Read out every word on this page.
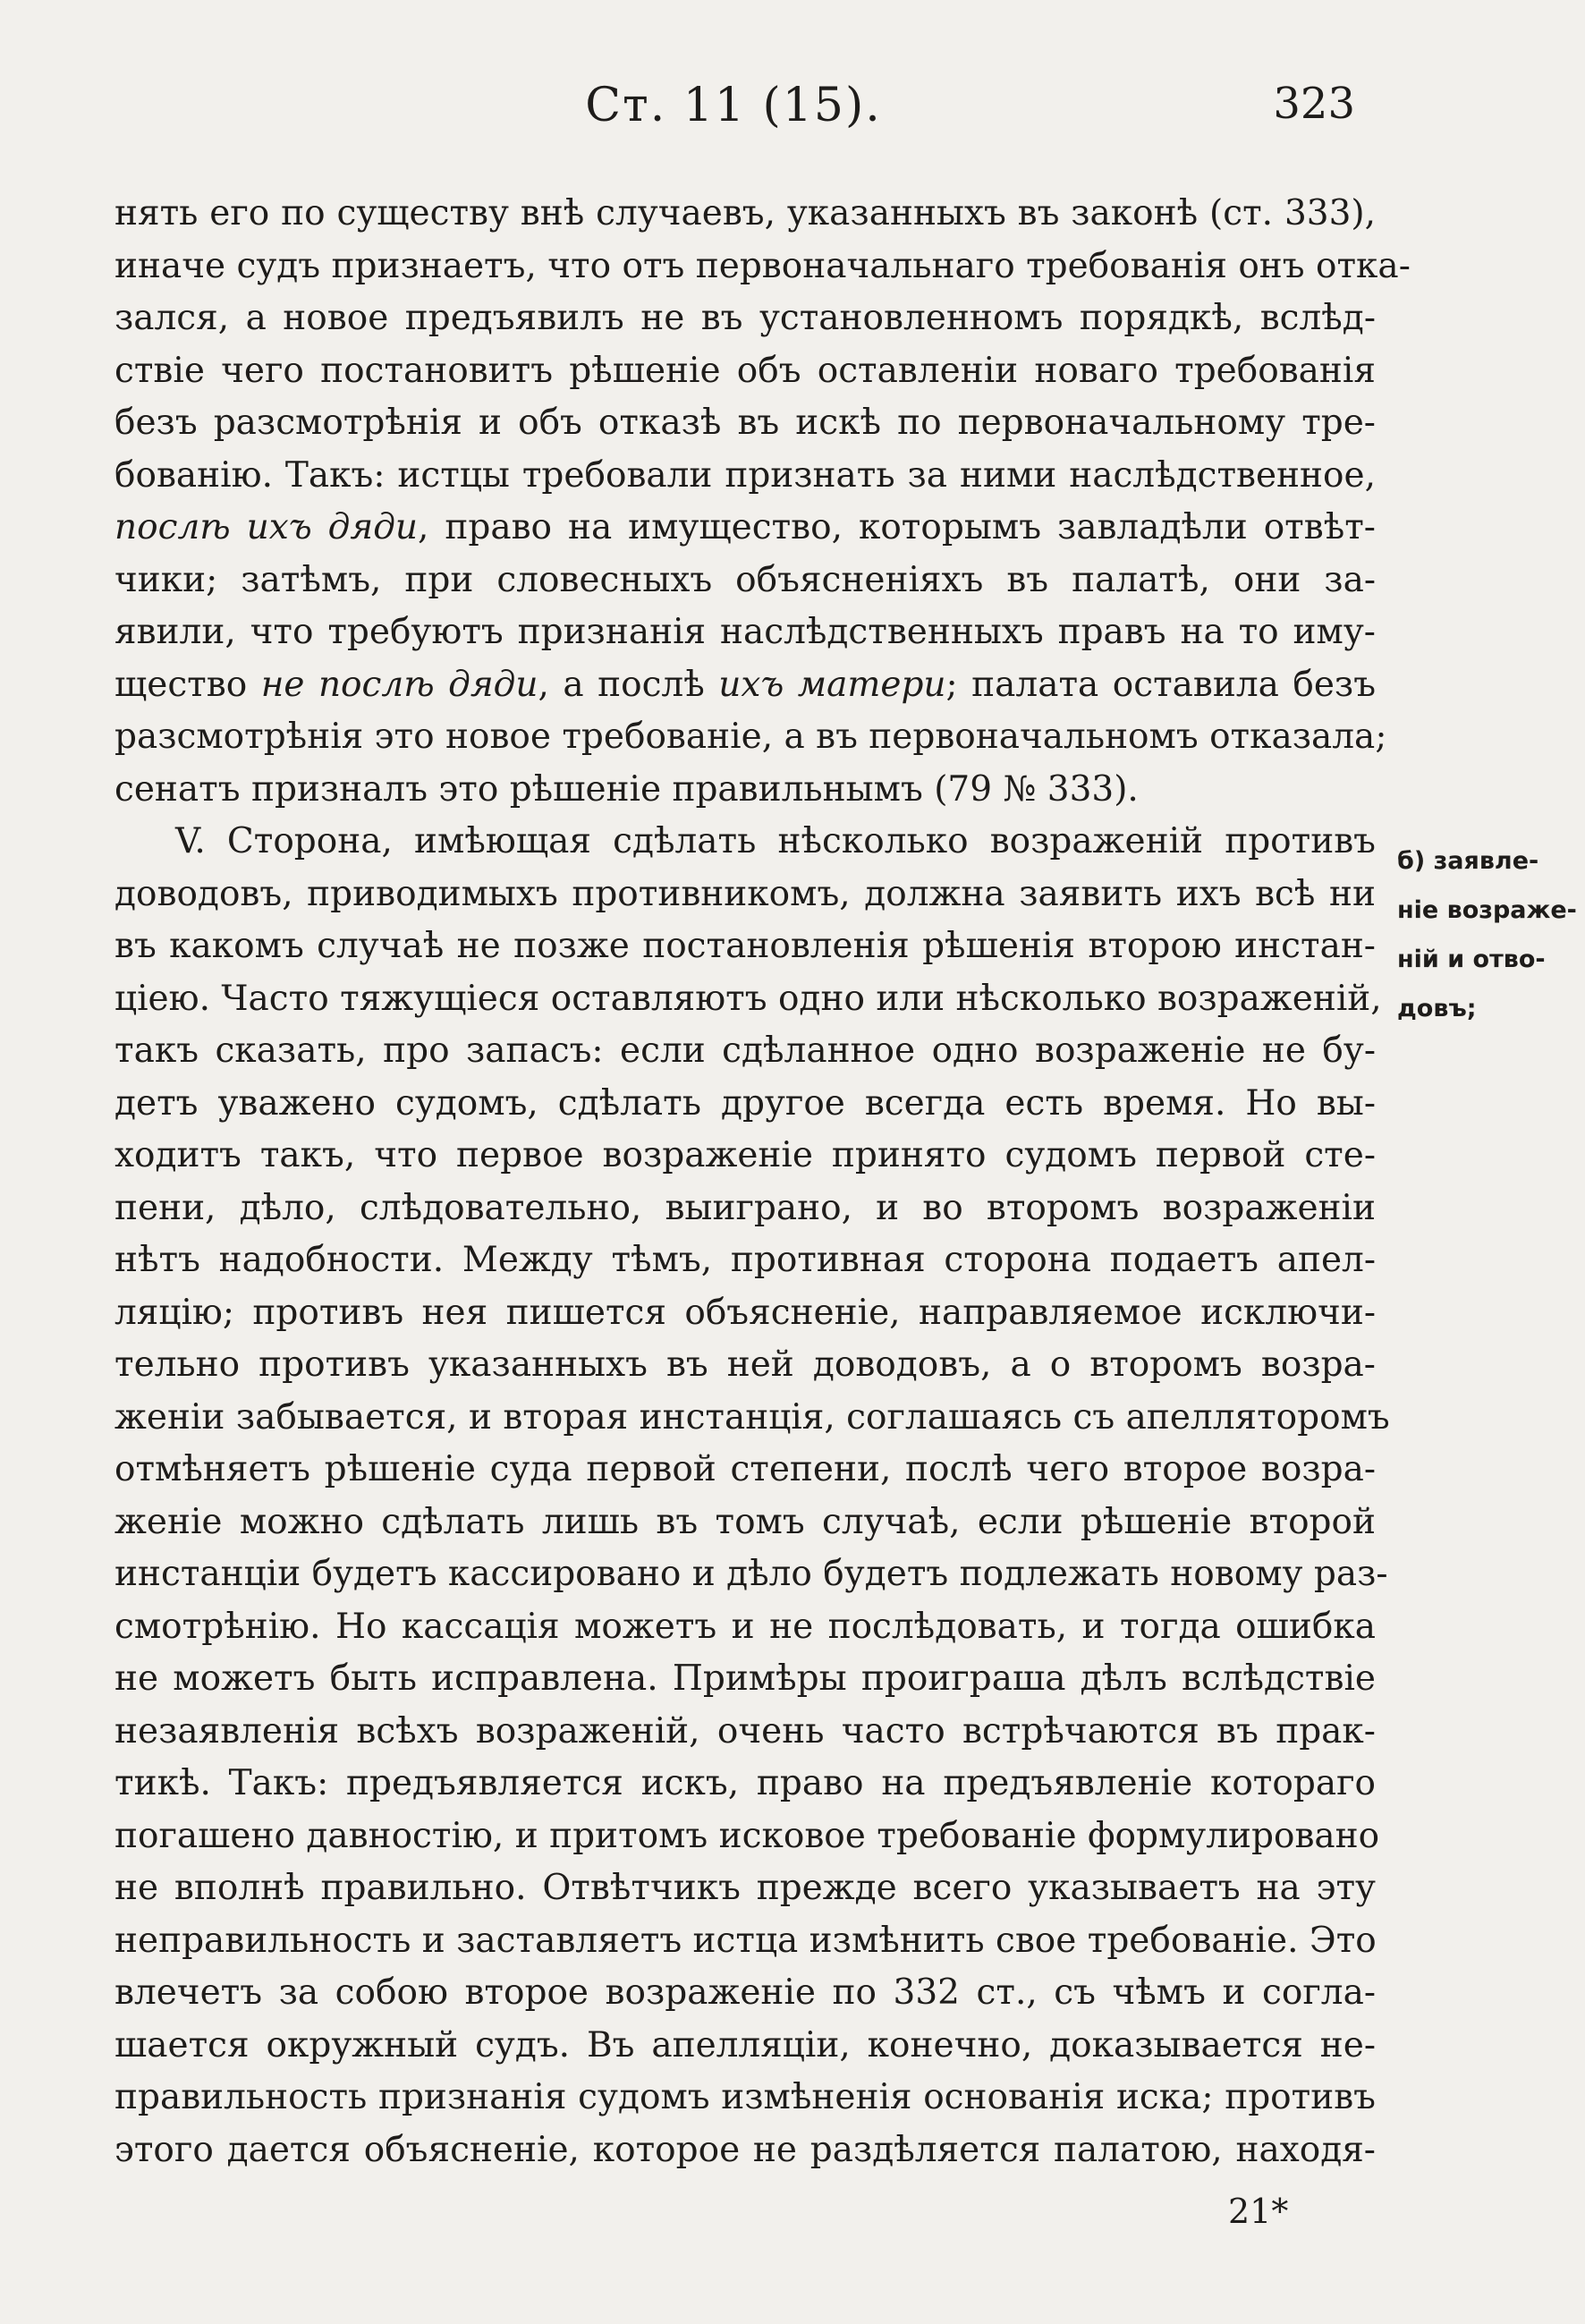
Ст. 11 (15).	323
нять его по существу внѣ случаевъ, указанныхъ въ законѣ (ст. 333),
иначе судъ признаетъ, что отъ первоначальнаго требованія онъ отка-
зался, а новое предъявилъ не въ установленномъ порядкѣ, вслѣд-
ствіе чего постановитъ рѣшеніе объ оставленіи новаго требованія
безъ разсмотрѣнія и объ отказѣ въ искѣ по первоначальному тре-
бованію. Такъ: истцы требовали признать за ними наслѣдственное,
послѣ ихъ дяди, право на имущество, которымъ завладѣли отвѣт-
чики; затѣмъ, при словесныхъ объясненіяхъ въ палатѣ, они за-
явили, что требуютъ признанія наслѣдственныхъ правъ на то иму-
щество не послѣ дяди, а послѣ ихъ матери; палата оставила безъ
разсмотрѣнія это новое требованіе, а въ первоначальномъ отказала;
сенатъ призналъ это рѣшеніе правильнымъ (79 № 333).
V. Сторона, имѣющая сдѣлать нѣсколько возраженій противъ
доводовъ, приводимыхъ противникомъ, должна заявить ихъ всѣ ни
въ какомъ случаѣ не позже постановленія рѣшенія второю инстан-
ціею. Часто тяжущіеся оставляютъ одно или нѣсколько возраженій,
такъ сказать, про запасъ: если сдѣланное одно возраженіе не бу-
детъ уважено судомъ, сдѣлать другое всегда есть время. Но вы-
ходитъ такъ, что первое возраженіе принято судомъ первой сте-
пени, дѣло, слѣдовательно, выиграно, и во второмъ возраженіи
нѣтъ надобности. Между тѣмъ, противная сторона подаетъ апел-
ляцію; противъ нея пишется объясненіе, направляемое исключи-
тельно противъ указанныхъ въ ней доводовъ, а о второмъ возра-
женіи забывается, и вторая инстанція, соглашаясь съ апелляторомъ
отмѣняетъ рѣшеніе суда первой степени, послѣ чего второе возра-
женіе можно сдѣлать лишь въ томъ случаѣ, если рѣшеніе второй
инстанціи будетъ кассировано и дѣло будетъ подлежать новому раз-
смотрѣнію. Но кассація можетъ и не послѣдовать, и тогда ошибка
не можетъ быть исправлена. Примѣры проиграша дѣлъ вслѣдствіе
незаявленія всѣхъ возраженій, очень часто встрѣчаются въ прак-
тикѣ. Такъ: предъявляется искъ, право на предъявленіе котораго
погашено давностію, и притомъ исковое требованіе формулировано
не вполнѣ правильно. Отвѣтчикъ прежде всего указываетъ на эту
неправильность и заставляетъ истца измѣнить свое требованіе. Это
влечетъ за собою второе возраженіе по 332 ст., съ чѣмъ и согла-
шается окружный судъ. Въ апелляціи, конечно, доказывается не-
правильность признанія судомъ измѣненія основанія иска; противъ
этого дается объясненіе, которое не раздѣляется палатою, находя-
б) заявле-
ніе возраже-
ній и отво-
довъ;
21*
